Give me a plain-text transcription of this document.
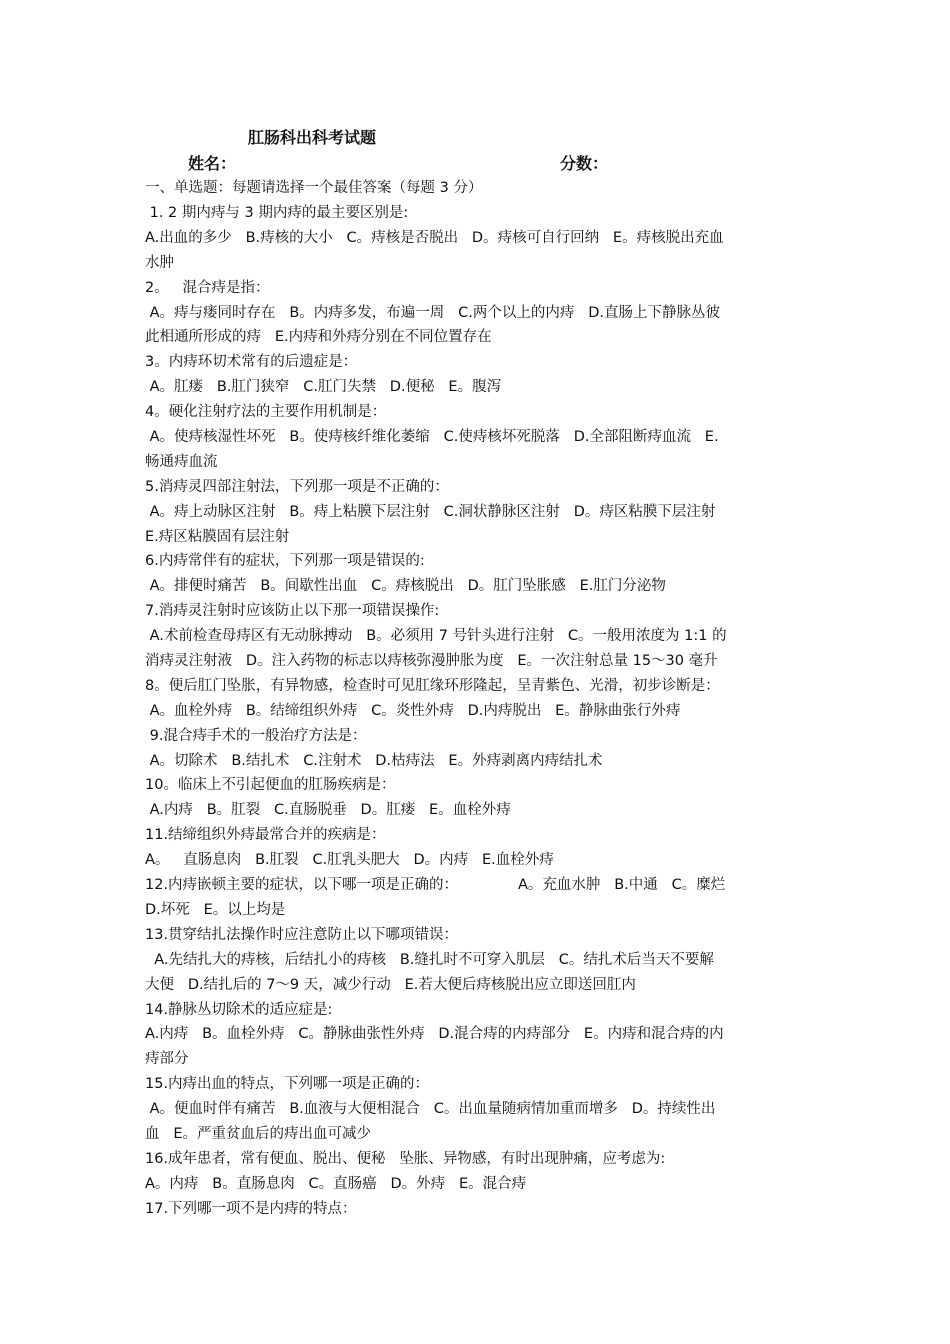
肛肠科出科考试题
姓名：	分数：
一、单选题：每题请选择一个最佳答案（每题 3 分）
1. 2 期内痔与 3 期内痔的最主要区别是:
A.出血的多少   B.痔核的大小   C。痔核是否脱出   D。痔核可自行回纳   E。痔核脱出充血
水肿
2。   混合痔是指：
A。痔与瘘同时存在   B。内痔多发，布遍一周   C.两个以上的内痔   D.直肠上下静脉丛彼
此相通所形成的痔   E.内痔和外痔分别在不同位置存在
3。内痔环切术常有的后遗症是：
A。肛瘘   B.肛门狭窄   C.肛门失禁   D.便秘   E。腹泻
4。硬化注射疗法的主要作用机制是：
A。使痔核湿性坏死   B。使痔核纤维化萎缩   C.使痔核坏死脱落   D.全部阻断痔血流   E.
畅通痔血流
5.消痔灵四部注射法，下列那一项是不正确的：
A。痔上动脉区注射   B。痔上粘膜下层注射   C.洞状静脉区注射   D。痔区粘膜下层注射
E.痔区粘膜固有层注射
6.内痔常伴有的症状，下列那一项是错误的:
A。排便时痛苦   B。间歇性出血   C。痔核脱出   D。肛门坠胀感   E.肛门分泌物
7.消痔灵注射时应该防止以下那一项错误操作:
A.术前检查母痔区有无动脉搏动   B。必须用 7 号针头进行注射   C。一般用浓度为 1:1 的
消痔灵注射液   D。注入药物的标志以痔核弥漫肿胀为度   E。一次注射总量 15～30 毫升
8。便后肛门坠胀，有异物感，检查时可见肛缘环形隆起，呈青紫色、光滑，初步诊断是：
A。血栓外痔   B。结缔组织外痔   C。炎性外痔   D.内痔脱出   E。静脉曲张行外痔
9.混合痔手术的一般治疗方法是：
A。切除术   B.结扎术   C.注射术   D.枯痔法   E。外痔剥离内痔结扎术
10。临床上不引起便血的肛肠疾病是：
A.内痔   B。肛裂   C.直肠脱垂   D。肛瘘   E。血栓外痔
11.结缔组织外痔最常合并的疾病是：
A。   直肠息肉   B.肛裂   C.肛乳头肥大   D。内痔   E.血栓外痔
12.内痔嵌顿主要的症状，以下哪一项是正确的：             A。充血水肿   B.中通   C。糜烂
D.坏死   E。以上均是
13.贯穿结扎法操作时应注意防止以下哪项错误：
A.先结扎大的痔核，后结扎小的痔核   B.缝扎时不可穿入肌层   C。结扎术后当天不要解
大便   D.结扎后的 7～9 天，减少行动   E.若大便后痔核脱出应立即送回肛内
14.静脉丛切除术的适应症是:
A.内痔   B。血栓外痔   C。静脉曲张性外痔   D.混合痔的内痔部分   E。内痔和混合痔的内
痔部分
15.内痔出血的特点，下列哪一项是正确的：
A。便血时伴有痛苦   B.血液与大便相混合   C。出血量随病情加重而增多   D。持续性出
血   E。严重贫血后的痔出血可减少
16.成年患者，常有便血、脱出、便秘   坠胀、异物感，有时出现肿痛，应考虑为:
A。内痔   B。直肠息肉   C。直肠癌   D。外痔   E。混合痔
17.下列哪一项不是内痔的特点：
